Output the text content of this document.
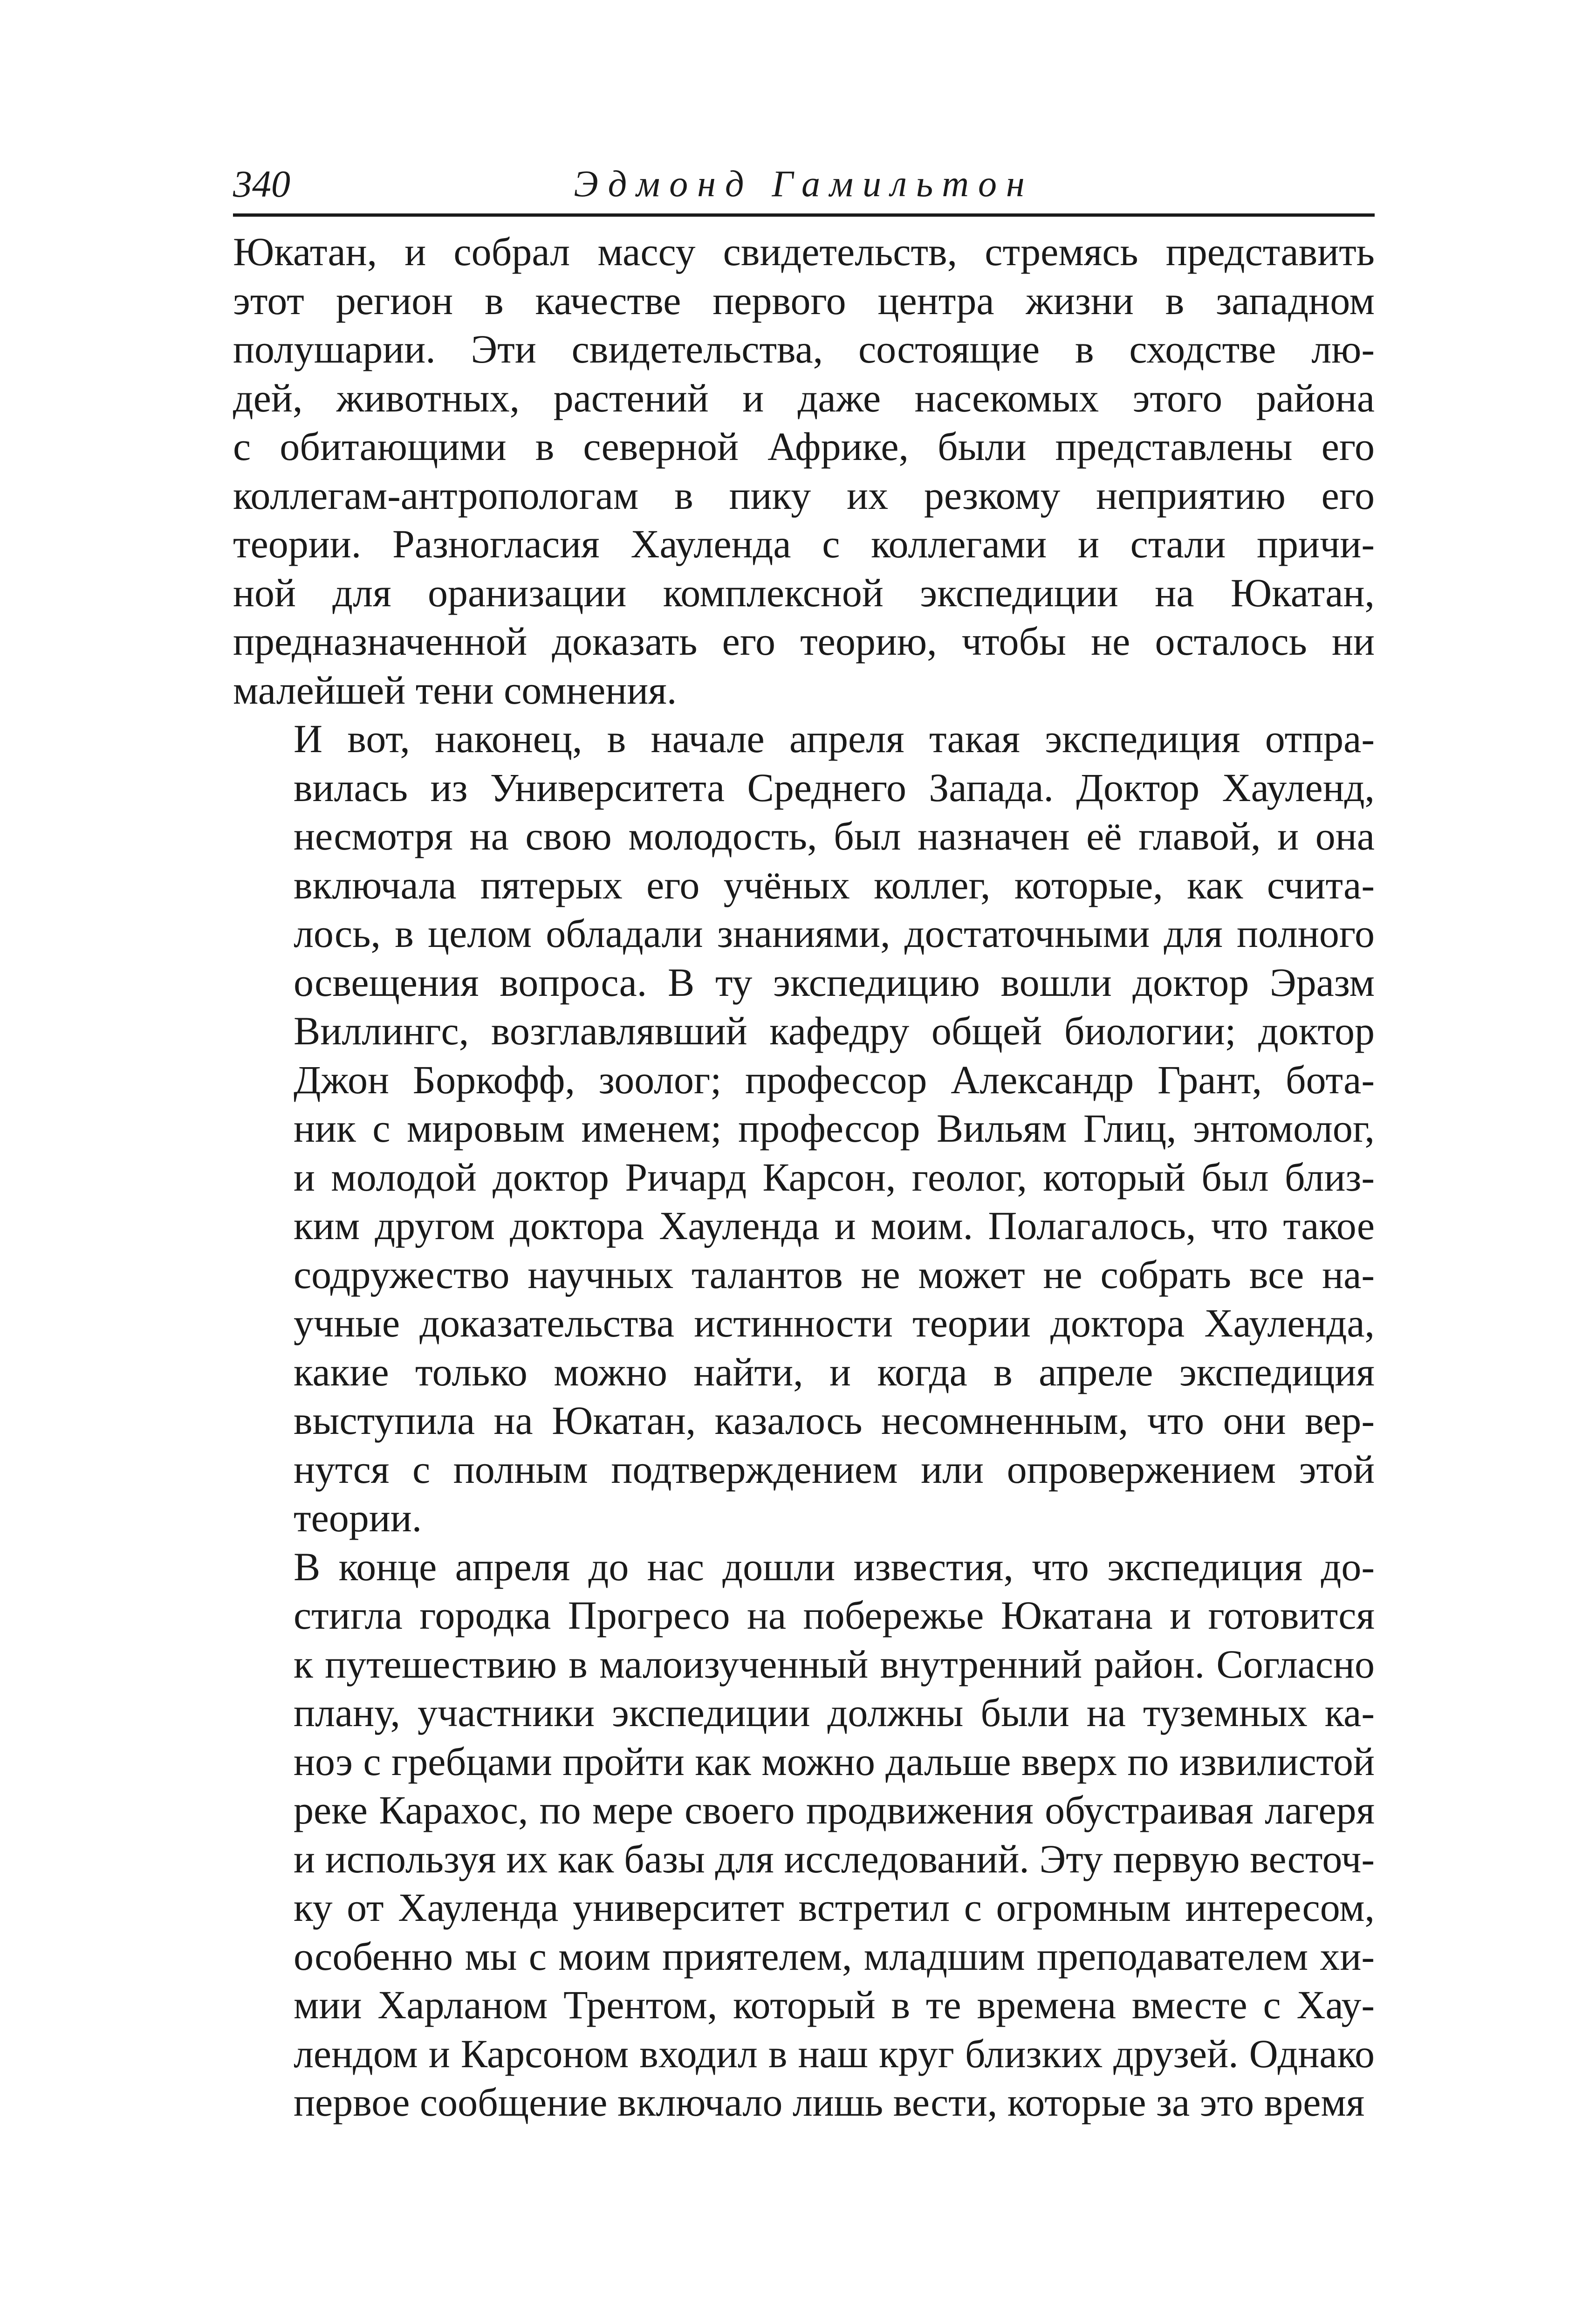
340	Эдмонд Гамильтон

Юкатан, и собрал массу свидетельств, стремясь представить
этот регион в качестве первого центра жизни в западном
полушарии. Эти свидетельства, состоящие в сходстве лю-
дей, животных, растений и даже насекомых этого района
с обитающими в северной Африке, были представлены его
коллегам-антропологам в пику их резкому неприятию его
теории. Разногласия Хауленда с коллегами и стали причи-
ной для оранизации комплексной экспедиции на Юкатан,
предназначенной доказать его теорию, чтобы не осталось ни
малейшей тени сомнения.

И вот, наконец, в начале апреля такая экспедиция отпра-
вилась из Университета Среднего Запада. Доктор Хауленд,
несмотря на свою молодость, был назначен её главой, и она
включала пятерых его учёных коллег, которые, как счита-
лось, в целом обладали знаниями, достаточными для полного
освещения вопроса. В ту экспедицию вошли доктор Эразм
Виллингс, возглавлявший кафедру общей биологии; доктор
Джон Боркофф, зоолог; профессор Александр Грант, бота-
ник с мировым именем; профессор Вильям Глиц, энтомолог,
и молодой доктор Ричард Карсон, геолог, который был близ-
ким другом доктора Хауленда и моим. Полагалось, что такое
содружество научных талантов не может не собрать все на-
учные доказательства истинности теории доктора Хауленда,
какие только можно найти, и когда в апреле экспедиция
выступила на Юкатан, казалось несомненным, что они вер-
нутся с полным подтверждением или опровержением этой
теории.

В конце апреля до нас дошли известия, что экспедиция до-
стигла городка Прогресо на побережье Юкатана и готовится
к путешествию в малоизученный внутренний район. Согласно
плану, участники экспедиции должны были на туземных ка-
ноэ с гребцами пройти как можно дальше вверх по извилистой
реке Карахос, по мере своего продвижения обустраивая лагеря
и используя их как базы для исследований. Эту первую весточ-
ку от Хауленда университет встретил с огромным интересом,
особенно мы с моим приятелем, младшим преподавателем хи-
мии Харланом Трентом, который в те времена вместе с Хау-
лендом и Карсоном входил в наш круг близких друзей. Однако
первое сообщение включало лишь вести, которые за это время
